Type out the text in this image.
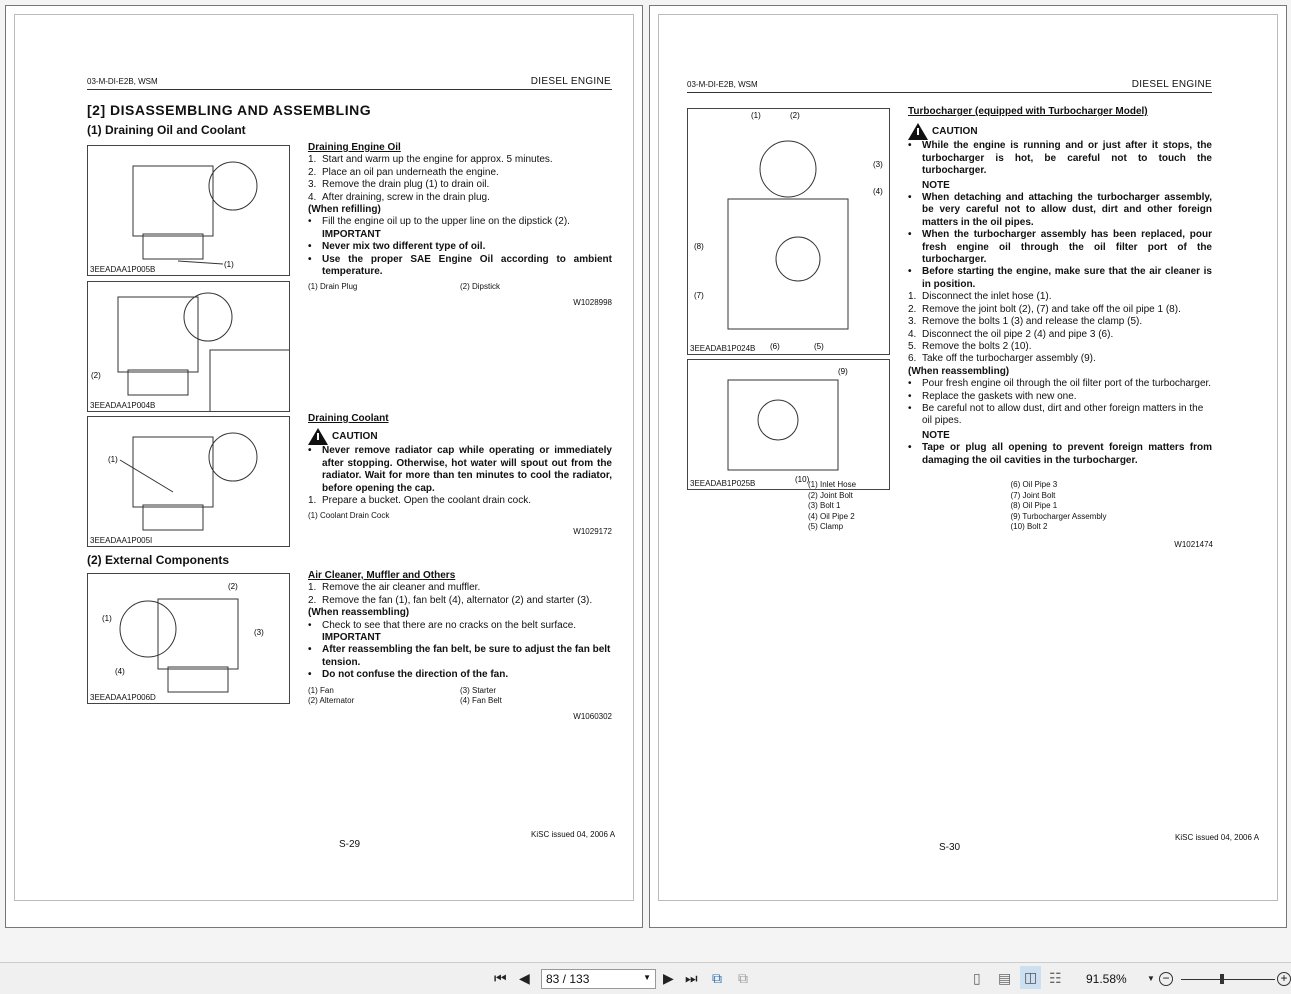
03-M-DI-E2B, WSM	DIESEL ENGINE
[2] DISASSEMBLING AND ASSEMBLING
(1) Draining Oil and Coolant
(2) External Components
(1)
3EEADAA1P005B
(2)
3EEADAA1P004B
(1)
3EEADAA1P005I
(1)
(2)
(3)
(4)
3EEADAA1P006D
Draining Engine Oil
1. Start and warm up the engine for approx. 5 minutes.
2. Place an oil pan underneath the engine.
3. Remove the drain plug (1) to drain oil.
4. After draining, screw in the drain plug.
(When refilling)
•	Fill the engine oil up to the upper line on the dipstick (2).
IMPORTANT
•	Never mix two different type of oil.
•	Use the proper SAE Engine Oil according to ambient temperature.
(1) Drain Plug	(2) Dipstick
W1028998
Draining Coolant
CAUTION
•	Never remove radiator cap while operating or immediately after stopping. Otherwise, hot water will spout out from the radiator. Wait for more than ten minutes to cool the radiator, before opening the cap.
1. Prepare a bucket. Open the coolant drain cock.
(1) Coolant Drain Cock
W1029172
Air Cleaner, Muffler and Others
1. Remove the air cleaner and muffler.
2. Remove the fan (1), fan belt (4), alternator (2) and starter (3).
(When reassembling)
•	Check to see that there are no cracks on the belt surface.
IMPORTANT
•	After reassembling the fan belt, be sure to adjust the fan belt tension.
•	Do not confuse the direction of the fan.
(1) Fan	(3) Starter
(2) Alternator	(4) Fan Belt
W1060302
KiSC issued 04, 2006 A
S-29
03-M-DI-E2B, WSM	DIESEL ENGINE
(1)	(2)
(3)
(4)
(8)
(7)
(6)	(5)
3EEADAB1P024B
(9)
(10)
3EEADAB1P025B
Turbocharger (equipped with Turbocharger Model)
CAUTION
•	While the engine is running and or just after it stops, the turbocharger is hot, be careful not to touch the turbocharger.
NOTE
•	When detaching and attaching the turbocharger assembly, be very careful not to allow dust, dirt and other foreign matters in the oil pipes.
•	When the turbocharger assembly has been replaced, pour fresh engine oil through the oil filter port of the turbocharger.
•	Before starting the engine, make sure that the air cleaner is in position.
1. Disconnect the inlet hose (1).
2. Remove the joint bolt (2), (7) and take off the oil pipe 1 (8).
3. Remove the bolts 1 (3) and release the clamp (5).
4. Disconnect the oil pipe 2 (4) and pipe 3 (6).
5. Remove the bolts 2 (10).
6. Take off the turbocharger assembly (9).
(When reassembling)
•	Pour fresh engine oil through the oil filter port of the turbocharger.
•	Replace the gaskets with new one.
•	Be careful not to allow dust, dirt and other foreign matters in the oil pipes.
NOTE
•	Tape or plug all opening to prevent foreign matters from damaging the oil cavities in the turbocharger.
(1) Inlet Hose	(6) Oil Pipe 3
(2) Joint Bolt	(7) Joint Bolt
(3) Bolt 1	(8) Oil Pipe 1
(4) Oil Pipe 2	(9) Turbocharger Assembly
(5) Clamp	(10) Bolt 2
W1021474
KiSC issued 04, 2006 A
S-30
⏮ ◀	83 / 133	▼ ▶ ⏭ ⧉ ⧉	▯ ▤ ◫ ☷ 91.58%	▼ −	+
